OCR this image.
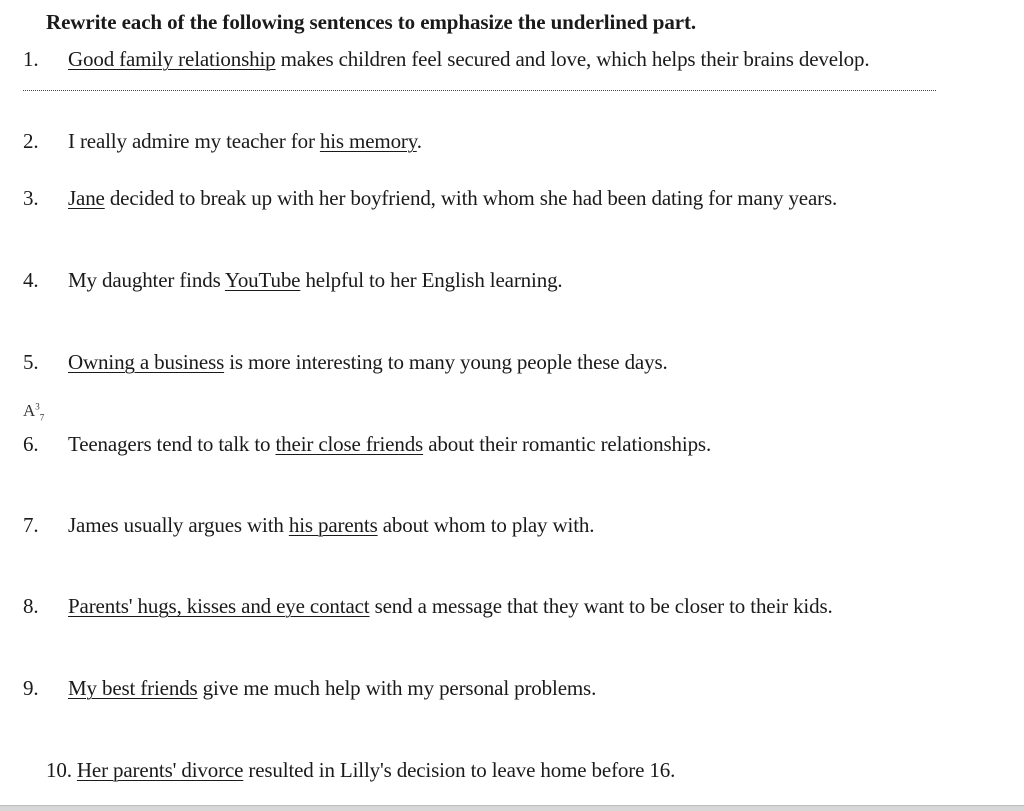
Rewrite each of the following sentences to emphasize the underlined part.
1. Good family relationship makes children feel secured and love, which helps their brains develop.
2. I really admire my teacher for his memory.
3. Jane decided to break up with her boyfriend, with whom she had been dating for many years.
4. My daughter finds YouTube helpful to her English learning.
5. Owning a business is more interesting to many young people these days.
$A^3_7$
6. Teenagers tend to talk to their close friends about their romantic relationships.
7. James usually argues with his parents about whom to play with.
8. Parents' hugs, kisses and eye contact send a message that they want to be closer to their kids.
9. My best friends give me much help with my personal problems.
10. Her parents' divorce resulted in Lilly's decision to leave home before 16.
